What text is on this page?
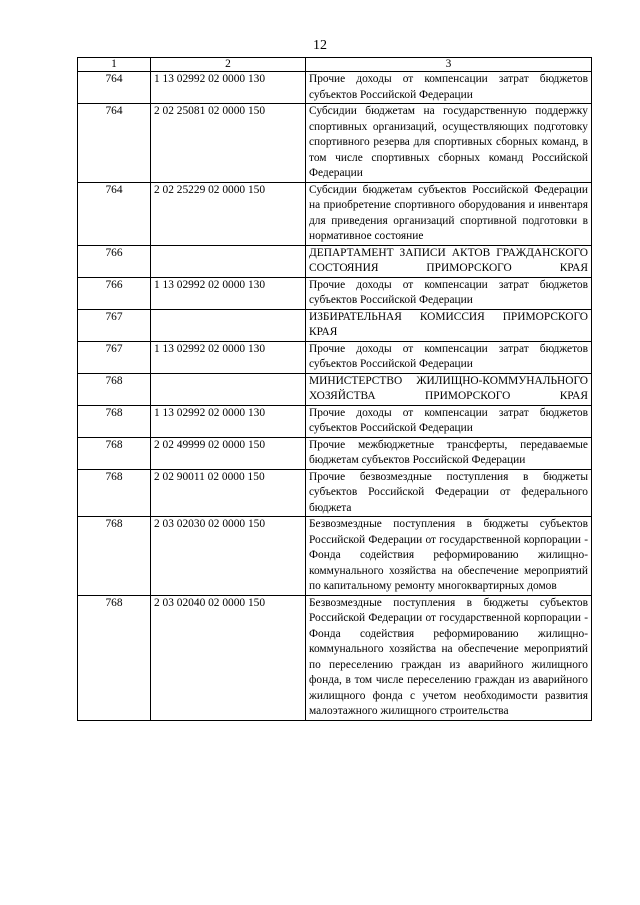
12
1	2	3
764	1 13 02992 02 0000 130	Прочие доходы от компенсации затрат бюджетов субъектов Российской Федерации
764	2 02 25081 02 0000 150	Субсидии бюджетам на государственную поддержку спортивных организаций, осуществляющих подготовку спортивного резерва для спортивных сборных команд, в том числе спортивных сборных команд Российской Федерации
764	2 02 25229 02 0000 150	Субсидии бюджетам субъектов Российской Федерации на приобретение спортивного оборудования и инвентаря для приведения организаций спортивной подготовки в нормативное состояние
766		ДЕПАРТАМЕНТ ЗАПИСИ АКТОВ ГРАЖДАНСКОГО СОСТОЯНИЯ ПРИМОРСКОГО КРАЯ
766	1 13 02992 02 0000 130	Прочие доходы от компенсации затрат бюджетов субъектов Российской Федерации
767		ИЗБИРАТЕЛЬНАЯ КОМИССИЯ ПРИМОРСКОГО КРАЯ
767	1 13 02992 02 0000 130	Прочие доходы от компенсации затрат бюджетов субъектов Российской Федерации
768		МИНИСТЕРСТВО ЖИЛИЩНО-КОММУНАЛЬНОГО ХОЗЯЙСТВА ПРИМОРСКОГО КРАЯ
768	1 13 02992 02 0000 130	Прочие доходы от компенсации затрат бюджетов субъектов Российской Федерации
768	2 02 49999 02 0000 150	Прочие межбюджетные трансферты, передаваемые бюджетам субъектов Российской Федерации
768	2 02 90011 02 0000 150	Прочие безвозмездные поступления в бюджеты субъектов Российской Федерации от федерального бюджета
768	2 03 02030 02 0000 150	Безвозмездные поступления в бюджеты субъектов Российской Федерации от государственной корпорации - Фонда содействия реформированию жилищно-коммунального хозяйства на обеспечение мероприятий по капитальному ремонту многоквартирных домов
768	2 03 02040 02 0000 150	Безвозмездные поступления в бюджеты субъектов Российской Федерации от государственной корпорации - Фонда содействия реформированию жилищно-коммунального хозяйства на обеспечение мероприятий по переселению граждан из аварийного жилищного фонда, в том числе переселению граждан из аварийного жилищного фонда с учетом необходимости развития малоэтажного жилищного строительства
